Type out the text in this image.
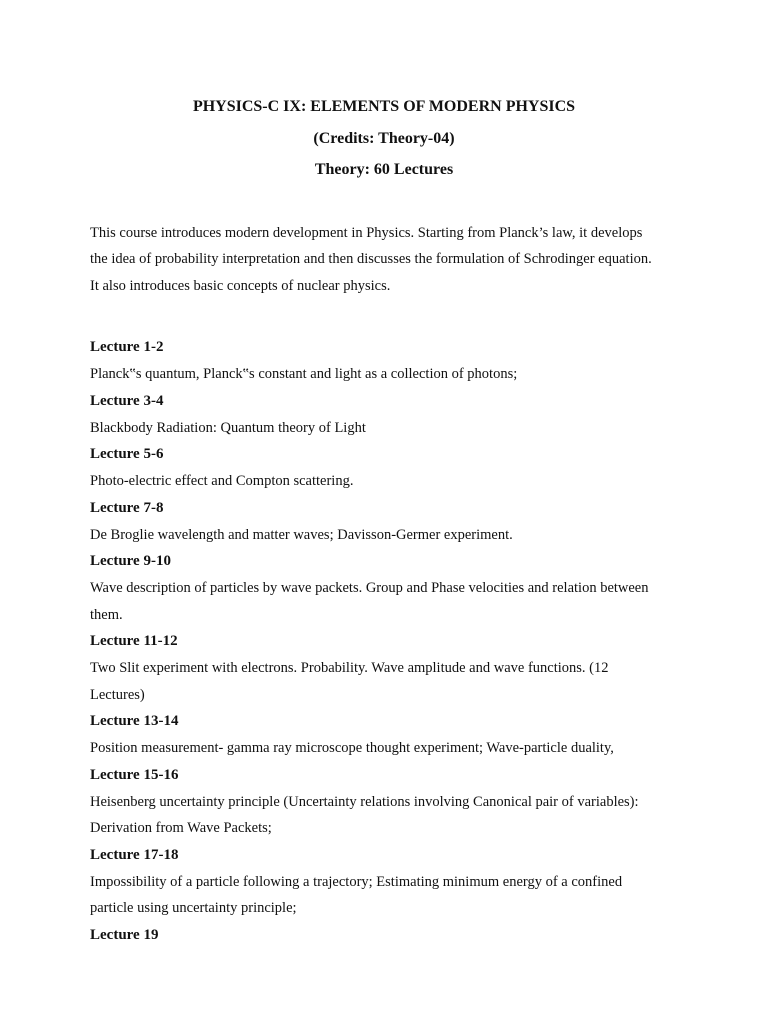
PHYSICS-C IX: ELEMENTS OF MODERN PHYSICS

(Credits: Theory-04)

Theory: 60 Lectures

This course introduces modern development in Physics. Starting from Planck’s law, it develops
the idea of probability interpretation and then discusses the formulation of Schrodinger equation.
It also introduces basic concepts of nuclear physics.

Lecture 1-2

Planck‟s quantum, Planck‟s constant and light as a collection of photons;

Lecture 3-4

Blackbody Radiation: Quantum theory of Light

Lecture 5-6

Photo-electric effect and Compton scattering.

Lecture 7-8

De Broglie wavelength and matter waves; Davisson-Germer experiment.

Lecture 9-10

Wave description of particles by wave packets. Group and Phase velocities and relation between

them.

Lecture 11-12

Two Slit experiment with electrons. Probability. Wave amplitude and wave functions. (12

Lectures)

Lecture 13-14

Position measurement- gamma ray microscope thought experiment; Wave-particle duality,

Lecture 15-16

Heisenberg uncertainty principle (Uncertainty relations involving Canonical pair of variables):

Derivation from Wave Packets;

Lecture 17-18

Impossibility of a particle following a trajectory; Estimating minimum energy of a confined

particle using uncertainty principle;

Lecture 19
